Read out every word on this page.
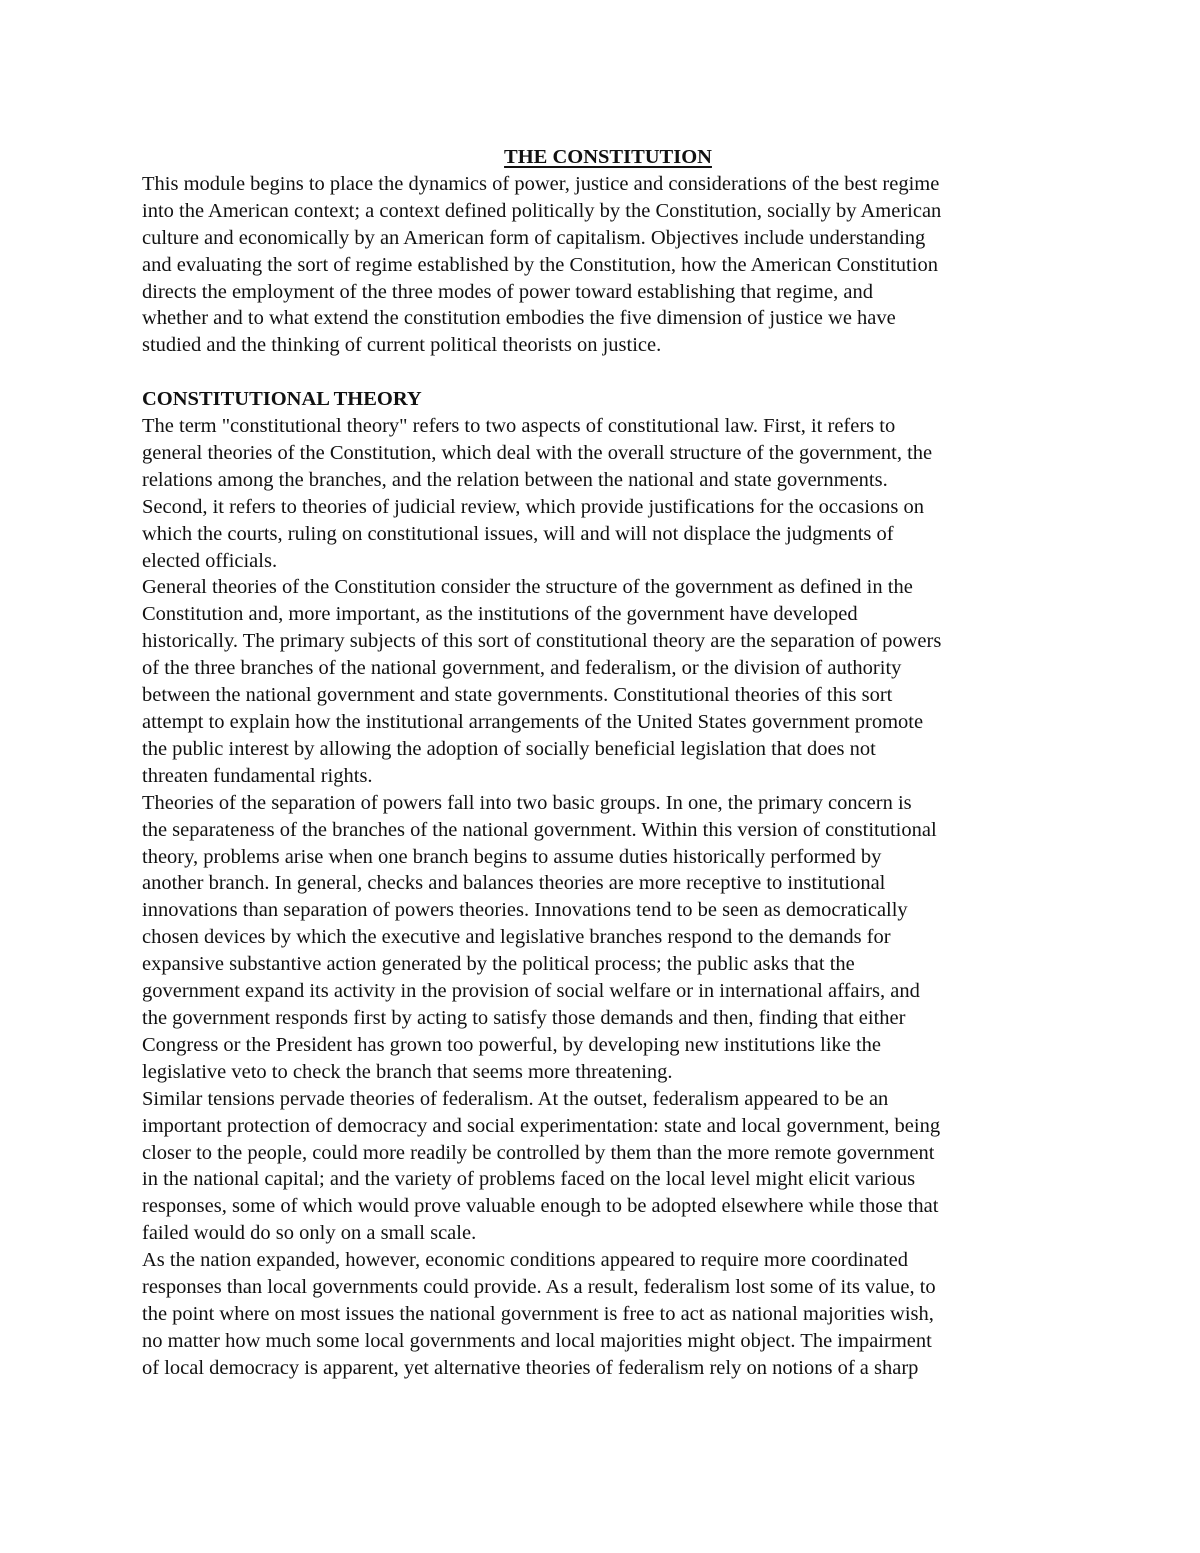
THE CONSTITUTION
This module begins to place the dynamics of power, justice and considerations of the best regime
into the American context; a context defined politically by the Constitution, socially by American
culture and economically by an American form of capitalism. Objectives include understanding
and evaluating the sort of regime established by the Constitution, how the American Constitution
directs the employment of the three modes of power toward establishing that regime, and
whether and to what extend the constitution embodies the five dimension of justice we have
studied and the thinking of current political theorists on justice.
CONSTITUTIONAL THEORY
The term "constitutional theory" refers to two aspects of constitutional law. First, it refers to
general theories of the Constitution, which deal with the overall structure of the government, the
relations among the branches, and the relation between the national and state governments.
Second, it refers to theories of judicial review, which provide justifications for the occasions on
which the courts, ruling on constitutional issues, will and will not displace the judgments of
elected officials.
General theories of the Constitution consider the structure of the government as defined in the
Constitution and, more important, as the institutions of the government have developed
historically. The primary subjects of this sort of constitutional theory are the separation of powers
of the three branches of the national government, and federalism, or the division of authority
between the national government and state governments. Constitutional theories of this sort
attempt to explain how the institutional arrangements of the United States government promote
the public interest by allowing the adoption of socially beneficial legislation that does not
threaten fundamental rights.
Theories of the separation of powers fall into two basic groups. In one, the primary concern is
the separateness of the branches of the national government. Within this version of constitutional
theory, problems arise when one branch begins to assume duties historically performed by
another branch. In general, checks and balances theories are more receptive to institutional
innovations than separation of powers theories. Innovations tend to be seen as democratically
chosen devices by which the executive and legislative branches respond to the demands for
expansive substantive action generated by the political process; the public asks that the
government expand its activity in the provision of social welfare or in international affairs, and
the government responds first by acting to satisfy those demands and then, finding that either
Congress or the President has grown too powerful, by developing new institutions like the
legislative veto to check the branch that seems more threatening.
Similar tensions pervade theories of federalism. At the outset, federalism appeared to be an
important protection of democracy and social experimentation: state and local government, being
closer to the people, could more readily be controlled by them than the more remote government
in the national capital; and the variety of problems faced on the local level might elicit various
responses, some of which would prove valuable enough to be adopted elsewhere while those that
failed would do so only on a small scale.
As the nation expanded, however, economic conditions appeared to require more coordinated
responses than local governments could provide. As a result, federalism lost some of its value, to
the point where on most issues the national government is free to act as national majorities wish,
no matter how much some local governments and local majorities might object. The impairment
of local democracy is apparent, yet alternative theories of federalism rely on notions of a sharp
